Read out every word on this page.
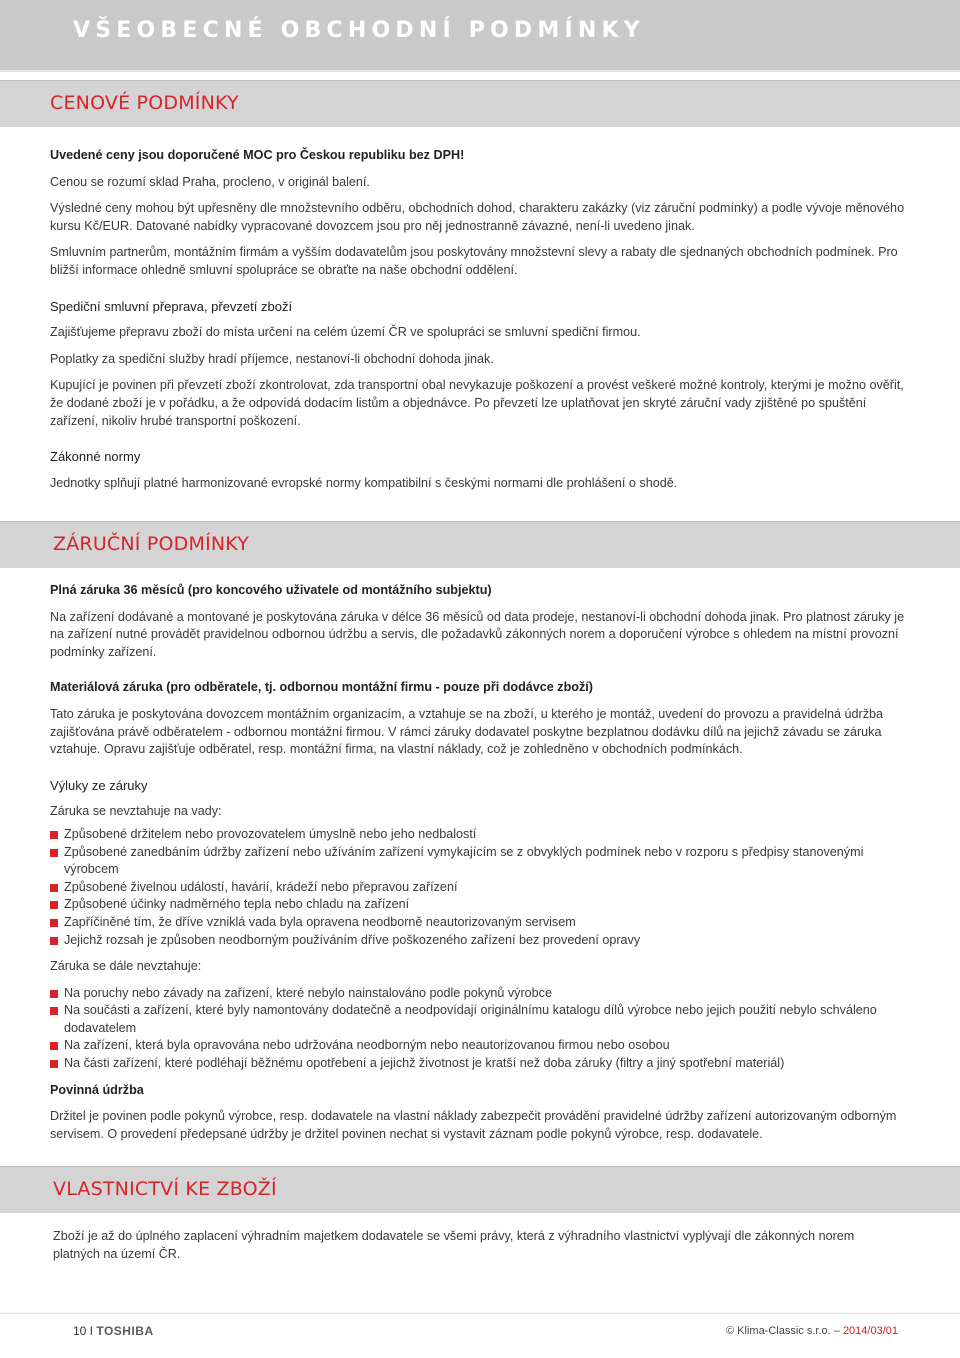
VŠEOBECNÉ OBCHODNÍ PODMÍNKY
CENOVÉ PODMÍNKY

Uvedené ceny jsou doporučené MOC pro Českou republiku bez DPH!

Cenou se rozumí sklad Praha, procleno, v originál balení.

Výsledné ceny mohou být upřesněny dle množstevního odběru, obchodních dohod, charakteru zakázky (viz záruční podmínky) a podle vývoje měnového kursu Kč/EUR. Datované nabídky vypracované dovozcem jsou pro něj jednostranně závazné, není-li uvedeno jinak.

Smluvním partnerům, montážním firmám a vyšším dodavatelům jsou poskytovány množstevní slevy a rabaty dle sjednaných obchodních podmínek. Pro bližší informace ohledně smluvní spolupráce se obraťte na naše obchodní oddělení.

Spediční smluvní přeprava, převzetí zboží

Zajišťujeme přepravu zboží do místa určení na celém území ČR ve spolupráci se smluvní spediční firmou.

Poplatky za spediční služby hradí příjemce, nestanoví-li obchodní dohoda jinak.

Kupující je povinen při převzetí zboží zkontrolovat, zda transportní obal nevykazuje poškození a provést veškeré možné kontroly, kterými je možno ověřit, že dodané zboží je v pořádku, a že odpovídá dodacím listům a objednávce. Po převzetí lze uplatňovat jen skryté záruční vady zjištěné po spuštění zařízení, nikoliv hrubé transportní poškození.

Zákonné normy

Jednotky splňují platné harmonizované evropské normy kompatibilní s českými normami dle prohlášení o shodě.

ZÁRUČNÍ PODMÍNKY

Plná záruka 36 měsíců (pro koncového uživatele od montážního subjektu)

Na zařízení dodávané a montované je poskytována záruka v délce 36 měsíců od data prodeje, nestanoví-li obchodní dohoda jinak. Pro platnost záruky je na zařízení nutné provádět pravidelnou odbornou údržbu a servis, dle požadavků zákonných norem a doporučení výrobce s ohledem na místní provozní podmínky zařízení.

Materiálová záruka (pro odběratele, tj. odbornou montážní firmu - pouze při dodávce zboží)

Tato záruka je poskytována dovozcem montážním organizacím, a vztahuje se na zboží, u kterého je montáž, uvedení do provozu a pravidelná údržba zajišťována právě odběratelem - odbornou montážní firmou. V rámci záruky dodavatel poskytne bezplatnou dodávku dílů na jejichž závadu se záruka vztahuje. Opravu zajišťuje odběratel, resp. montážní firma, na vlastní náklady, což je zohledněno v obchodních podmínkách.

Výluky ze záruky

Záruka se nevztahuje na vady:

Způsobené držitelem nebo provozovatelem úmyslně nebo jeho nedbalostí
Způsobené zanedbáním údržby zařízení nebo užíváním zařízení vymykajícím se z obvyklých podmínek nebo v rozporu s předpisy stanovenými výrobcem
Způsobené živelnou událostí, havárií, krádeží nebo přepravou zařízení
Způsobené účinky nadměrného tepla nebo chladu na zařízení
Zapříčiněné tím, že dříve vzniklá vada byla opravena neodborně neautorizovaným servisem
Jejichž rozsah je způsoben neodborným používáním dříve poškozeného zařízení bez provedení opravy

Záruka se dále nevztahuje:

Na poruchy nebo závady na zařízení, které nebylo nainstalováno podle pokynů výrobce
Na součásti a zařízení, které byly namontovány dodatečně a neodpovídají originálnímu katalogu dílů výrobce nebo jejich použití nebylo schváleno dodavatelem
Na zařízení, která byla opravována nebo udržována neodborným nebo neautorizovanou firmou nebo osobou
Na části zařízení, které podléhají běžnému opotřebení a jejichž životnost je kratší než doba záruky (filtry a jiný spotřební materiál)

Povinná údržba

Držitel je povinen podle pokynů výrobce, resp. dodavatele na vlastní náklady zabezpečit provádění pravidelné údržby zařízení autorizovaným odborným servisem. O provedení předepsané údržby je držitel povinen nechat si vystavit záznam podle pokynů výrobce, resp. dodavatele.

VLASTNICTVÍ KE ZBOŽÍ

Zboží je až do úplného zaplacení výhradním majetkem dodavatele se všemi právy, která z výhradního vlastnictví vyplývají dle zákonných norem platných na území ČR.

10 I TOSHIBA	© Klima-Classic s.r.o. – 2014/03/01
